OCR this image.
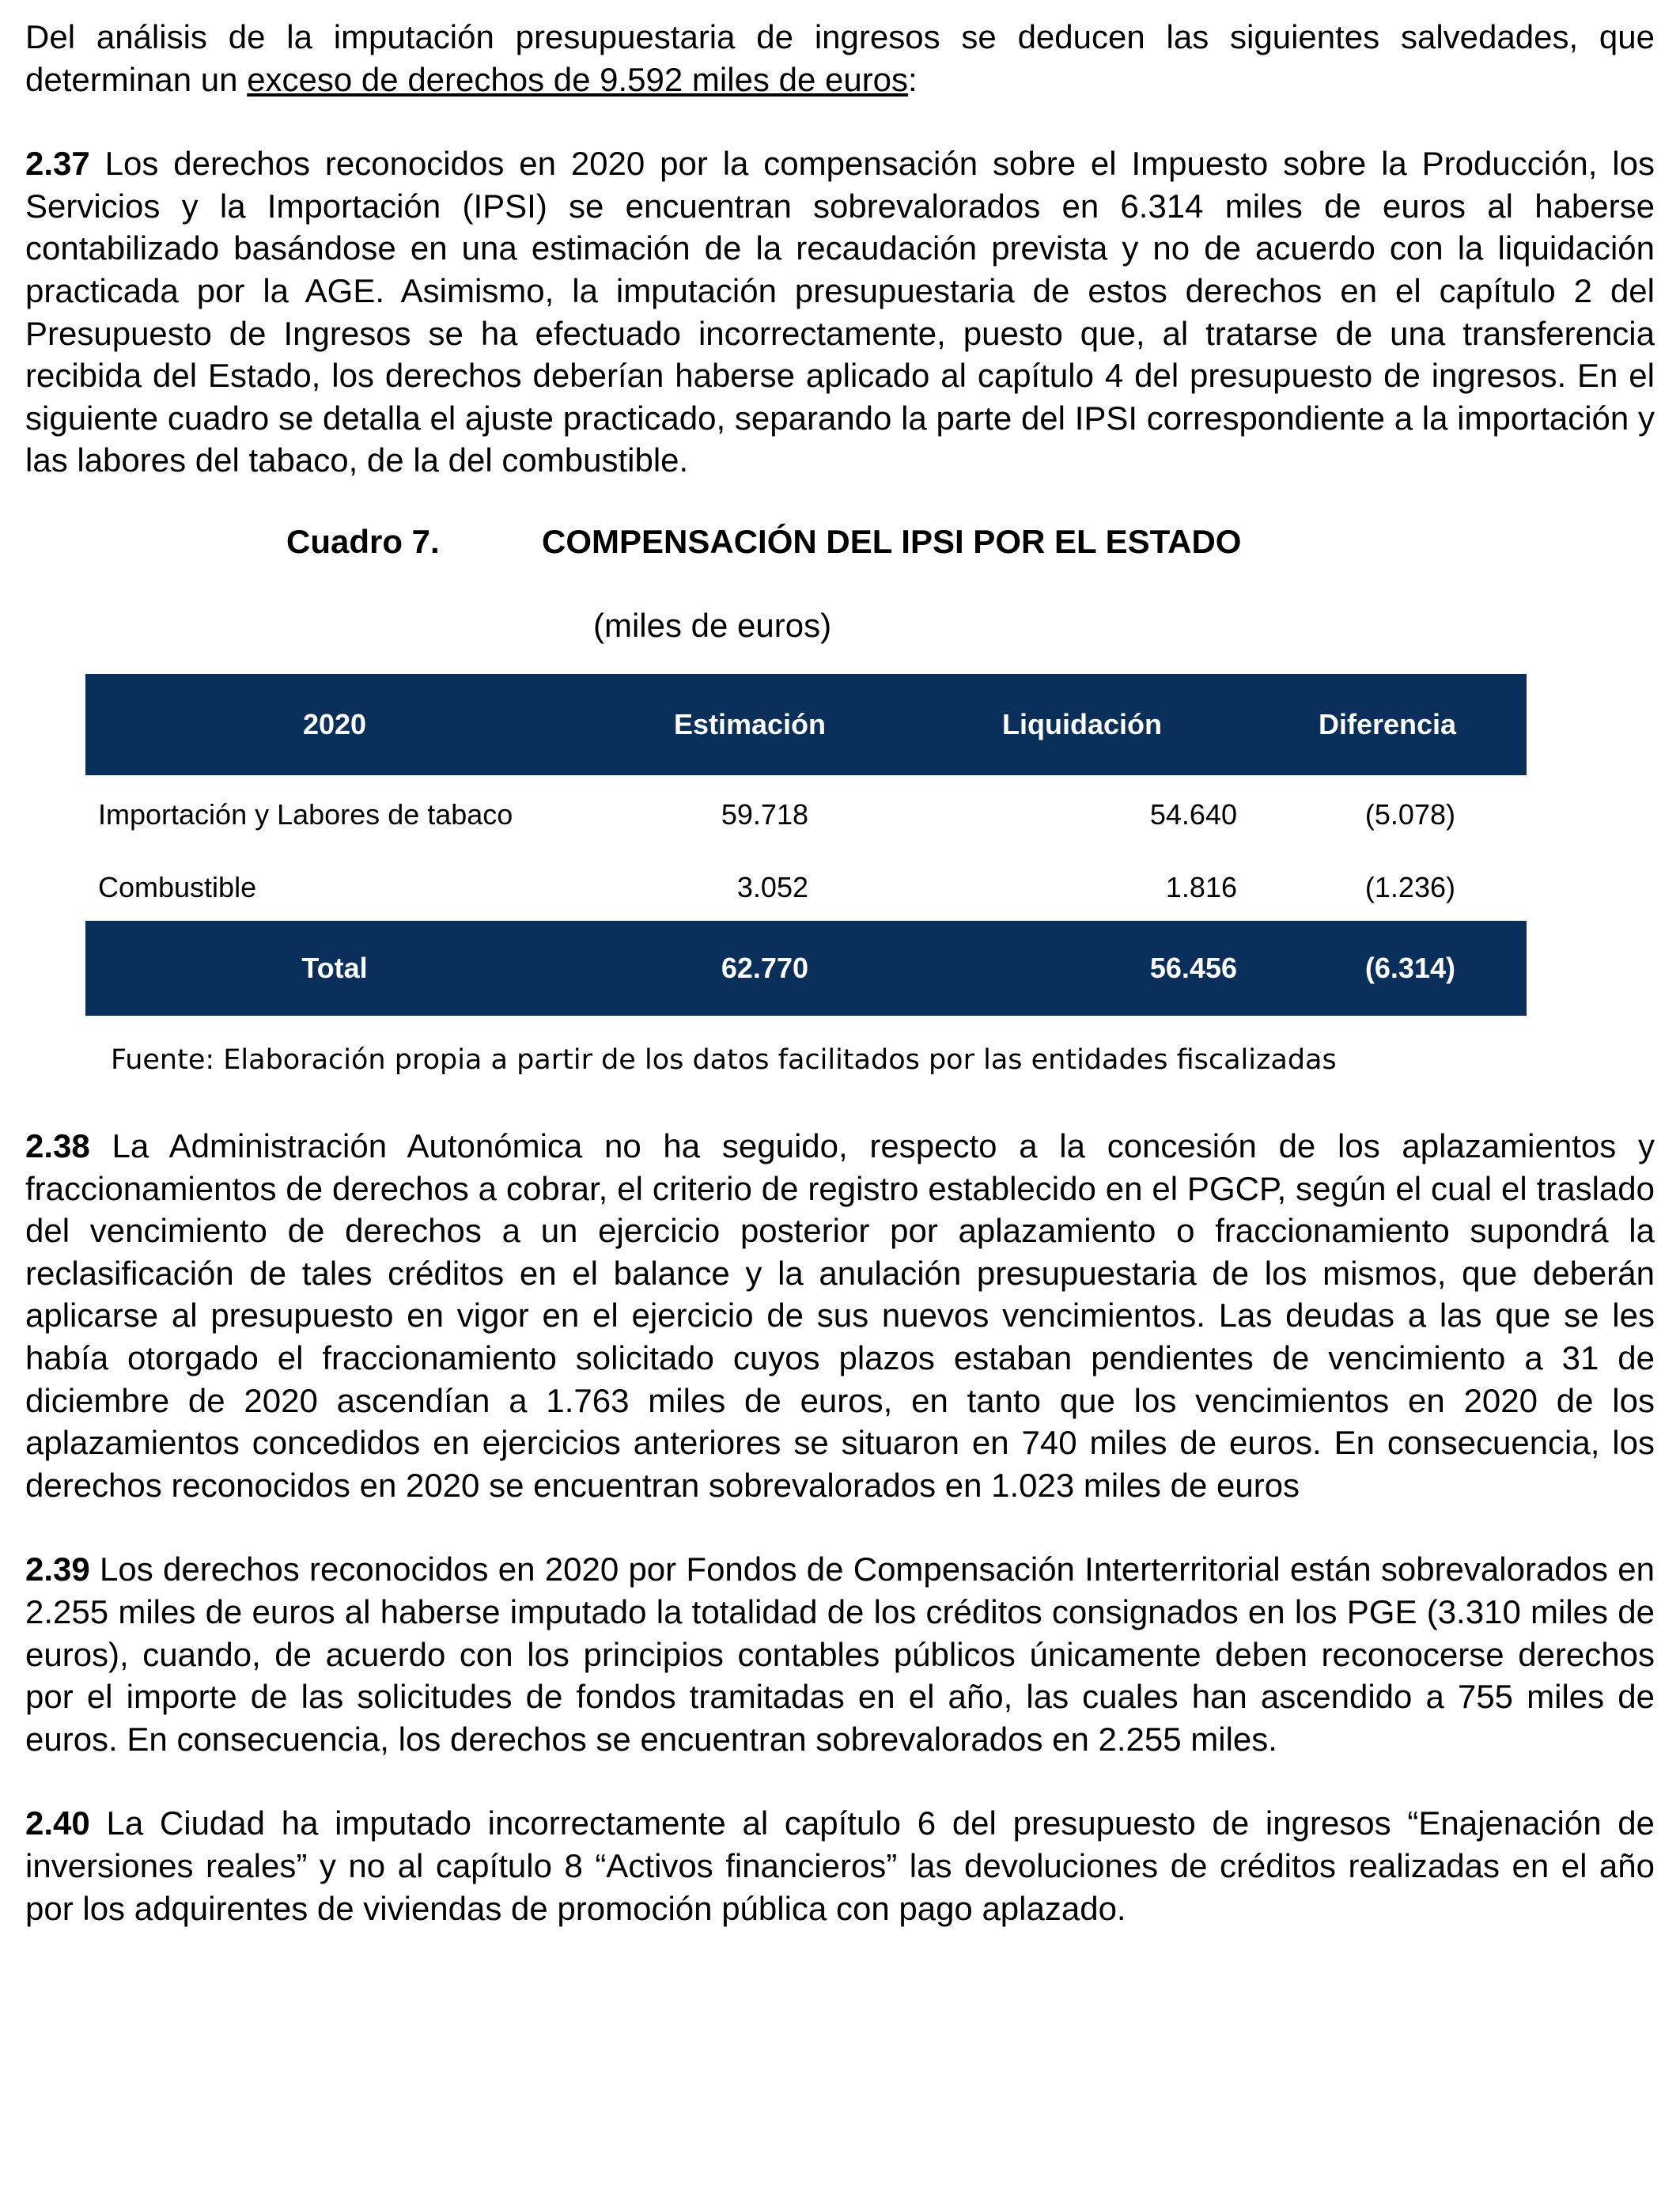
Del análisis de la imputación presupuestaria de ingresos se deducen las siguientes salvedades, que determinan un exceso de derechos de 9.592 miles de euros:

2.37 Los derechos reconocidos en 2020 por la compensación sobre el Impuesto sobre la Producción, los Servicios y la Importación (IPSI) se encuentran sobrevalorados en 6.314 miles de euros al haberse contabilizado basándose en una estimación de la recaudación prevista y no de acuerdo con la liquidación practicada por la AGE. Asimismo, la imputación presupuestaria de estos derechos en el capítulo 2 del Presupuesto de Ingresos se ha efectuado incorrectamente, puesto que, al tratarse de una transferencia recibida del Estado, los derechos deberían haberse aplicado al capítulo 4 del presupuesto de ingresos. En el siguiente cuadro se detalla el ajuste practicado, separando la parte del IPSI correspondiente a la importación y las labores del tabaco, de la del combustible.

Cuadro 7.	COMPENSACIÓN DEL IPSI POR EL ESTADO
(miles de euros)
2020	Estimación	Liquidación	Diferencia
Importación y Labores de tabaco	59.718	54.640	(5.078)
Combustible	3.052	1.816	(1.236)
Total	62.770	56.456	(6.314)
Fuente: Elaboración propia a partir de los datos facilitados por las entidades fiscalizadas

2.38 La Administración Autonómica no ha seguido, respecto a la concesión de los aplazamientos y fraccionamientos de derechos a cobrar, el criterio de registro establecido en el PGCP, según el cual el traslado del vencimiento de derechos a un ejercicio posterior por aplazamiento o fraccionamiento supondrá la reclasificación de tales créditos en el balance y la anulación presupuestaria de los mismos, que deberán aplicarse al presupuesto en vigor en el ejercicio de sus nuevos vencimientos. Las deudas a las que se les había otorgado el fraccionamiento solicitado cuyos plazos estaban pendientes de vencimiento a 31 de diciembre de 2020 ascendían a 1.763 miles de euros, en tanto que los vencimientos en 2020 de los aplazamientos concedidos en ejercicios anteriores se situaron en 740 miles de euros. En consecuencia, los derechos reconocidos en 2020 se encuentran sobrevalorados en 1.023 miles de euros

2.39 Los derechos reconocidos en 2020 por Fondos de Compensación Interterritorial están sobrevalorados en 2.255 miles de euros al haberse imputado la totalidad de los créditos consignados en los PGE (3.310 miles de euros), cuando, de acuerdo con los principios contables públicos únicamente deben reconocerse derechos por el importe de las solicitudes de fondos tramitadas en el año, las cuales han ascendido a 755 miles de euros. En consecuencia, los derechos se encuentran sobrevalorados en 2.255 miles.

2.40 La Ciudad ha imputado incorrectamente al capítulo 6 del presupuesto de ingresos “Enajenación de inversiones reales” y no al capítulo 8 “Activos financieros” las devoluciones de créditos realizadas en el año por los adquirentes de viviendas de promoción pública con pago aplazado.
